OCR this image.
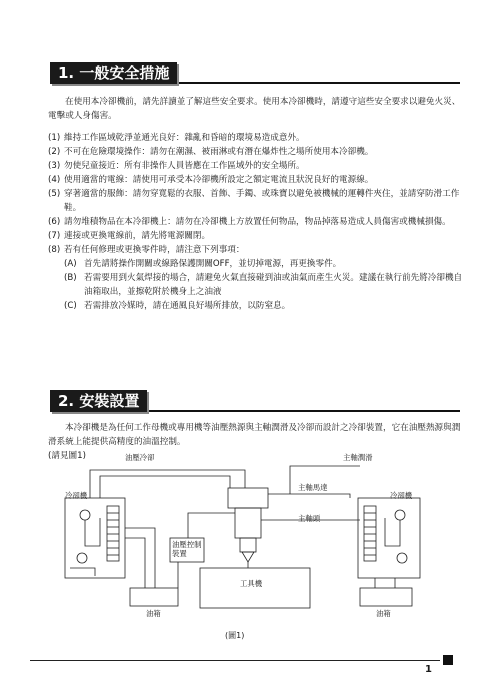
1. 一般安全措施
在使用本冷卻機前，請先詳讀並了解這些安全要求。使用本冷卻機時，請遵守這些安全要求以避免火災、電擊或人身傷害。
(1) 維持工作區域乾淨並通光良好：雜亂和昏暗的環境易造成意外。
(2) 不可在危險環境操作：請勿在潮濕、被雨淋或有潛在爆炸性之場所使用本冷卻機。
(3) 勿使兒童接近：所有非操作人員皆應在工作區域外的安全場所。
(4) 使用適當的電線：請使用可承受本冷卻機所設定之額定電流且狀況良好的電源線。
(5) 穿著適當的服飾：請勿穿寬鬆的衣服、首飾、手鐲、或珠寶以避免被機械的運轉件夾住，並請穿防滑工作鞋。
(6) 請勿堆積物品在本冷卻機上：請勿在冷卻機上方放置任何物品，物品掉落易造成人員傷害或機械損傷。
(7) 連接或更換電線前，請先將電源關閉。
(8) 若有任何修理或更換零件時，請注意下列事項：
(A) 首先請將操作開關或線路保護開關OFF，並切掉電源，再更換零件。
(B) 若需要用到火氣焊接的場合，請避免火氣直接碰到油或油氣而產生火災。建議在執行前先將冷卻機自油箱取出，並擦乾附於機身上之油液
(C) 若需排放冷媒時，請在通風良好場所排放，以防窒息。
2. 安裝設置
本冷卻機是為任何工作母機或專用機等油壓熱源與主軸潤滑及冷卻而設計之冷卻裝置，它在油壓熱源與潤滑系統上能提供高精度的油溫控制。
(請見圖1)	油壓冷卻	主軸潤滑
冷卻機	冷卻機
主軸馬達
主軸頭
油壓控制裝置
工具機
油箱	油箱
(圖1)
1
